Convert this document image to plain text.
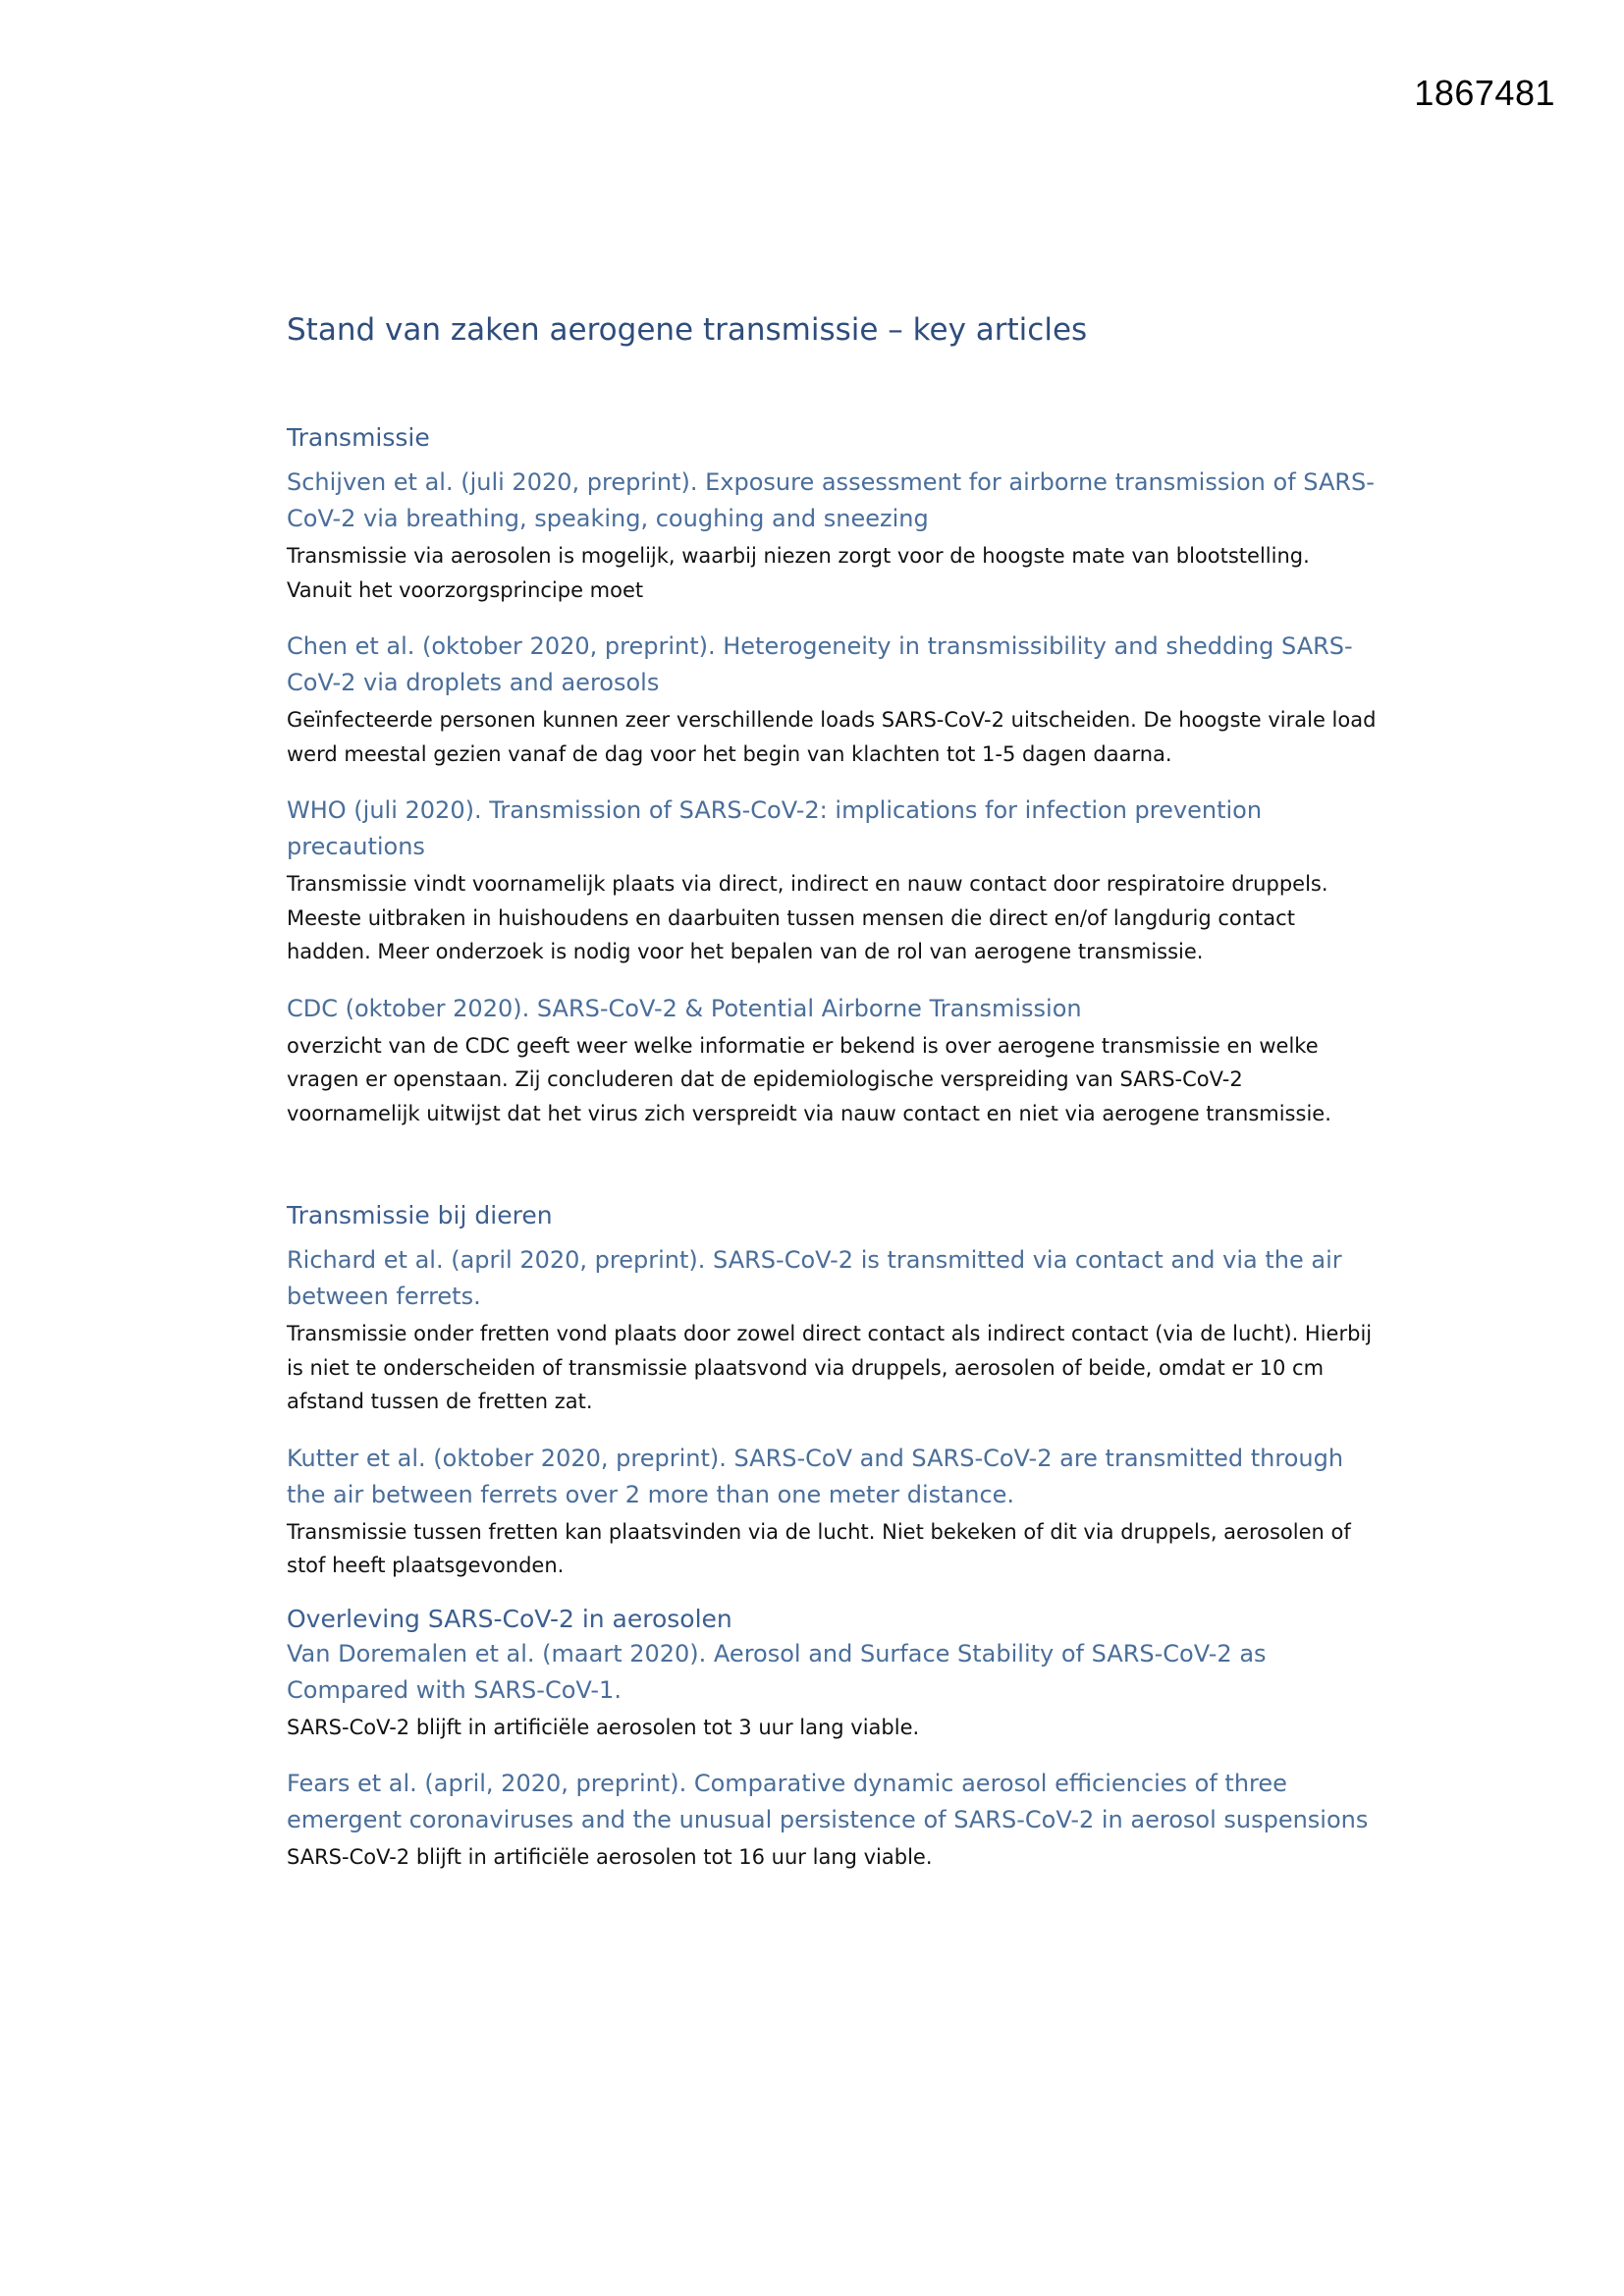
1867481
Stand van zaken aerogene transmissie – key articles
Transmissie

Schijven et al. (juli 2020, preprint). Exposure assessment for airborne transmission of SARS-CoV-2 via breathing, speaking, coughing and sneezing

Transmissie via aerosolen is mogelijk, waarbij niezen zorgt voor de hoogste mate van blootstelling. Vanuit het voorzorgsprincipe moet

Chen et al. (oktober 2020, preprint). Heterogeneity in transmissibility and shedding SARS-CoV-2 via droplets and aerosols

Geïnfecteerde personen kunnen zeer verschillende loads SARS-CoV-2 uitscheiden. De hoogste virale load werd meestal gezien vanaf de dag voor het begin van klachten tot 1-5 dagen daarna.

WHO (juli 2020). Transmission of SARS-CoV-2: implications for infection prevention precautions

Transmissie vindt voornamelijk plaats via direct, indirect en nauw contact door respiratoire druppels. Meeste uitbraken in huishoudens en daarbuiten tussen mensen die direct en/of langdurig contact hadden. Meer onderzoek is nodig voor het bepalen van de rol van aerogene transmissie.

CDC (oktober 2020). SARS-CoV-2 & Potential Airborne Transmission

overzicht van de CDC geeft weer welke informatie er bekend is over aerogene transmissie en welke vragen er openstaan. Zij concluderen dat de epidemiologische verspreiding van SARS-CoV-2 voornamelijk uitwijst dat het virus zich verspreidt via nauw contact en niet via aerogene transmissie.

Transmissie bij dieren

Richard et al. (april 2020, preprint). SARS-CoV-2 is transmitted via contact and via the air between ferrets.

Transmissie onder fretten vond plaats door zowel direct contact als indirect contact (via de lucht). Hierbij is niet te onderscheiden of transmissie plaatsvond via druppels, aerosolen of beide, omdat er 10 cm afstand tussen de fretten zat.

Kutter et al. (oktober 2020, preprint). SARS-CoV and SARS-CoV-2 are transmitted through the air between ferrets over 2 more than one meter distance.

Transmissie tussen fretten kan plaatsvinden via de lucht. Niet bekeken of dit via druppels, aerosolen of stof heeft plaatsgevonden.

Overleving SARS-CoV-2 in aerosolen

Van Doremalen et al. (maart 2020). Aerosol and Surface Stability of SARS-CoV-2 as Compared with SARS-CoV-1.

SARS-CoV-2 blijft in artificiële aerosolen tot 3 uur lang viable.

Fears et al. (april, 2020, preprint). Comparative dynamic aerosol efficiencies of three emergent coronaviruses and the unusual persistence of SARS-CoV-2 in aerosol suspensions

SARS-CoV-2 blijft in artificiële aerosolen tot 16 uur lang viable.
